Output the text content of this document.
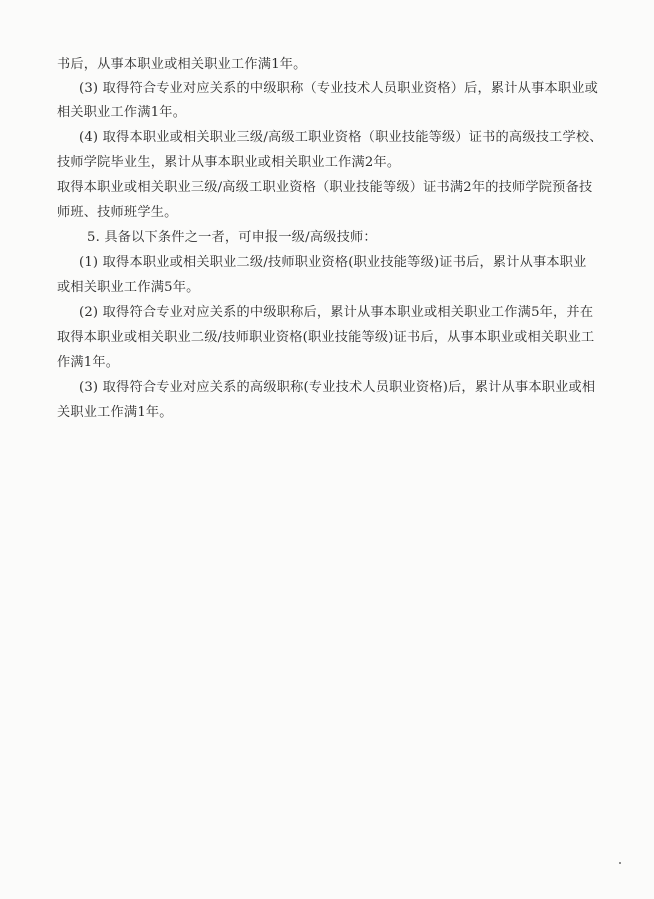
书后，从事本职业或相关职业工作满1年。
(3) 取得符合专业对应关系的中级职称（专业技术人员职业资格）后，累计从事本职业或
相关职业工作满1年。
(4) 取得本职业或相关职业三级/高级工职业资格（职业技能等级）证书的高级技工学校、
技师学院毕业生，累计从事本职业或相关职业工作满2年。
取得本职业或相关职业三级/高级工职业资格（职业技能等级）证书满2年的技师学院预备技
师班、技师班学生。
5. 具备以下条件之一者，可申报一级/高级技师：
(1) 取得本职业或相关职业二级/技师职业资格(职业技能等级)证书后，累计从事本职业
或相关职业工作满5年。
(2) 取得符合专业对应关系的中级职称后，累计从事本职业或相关职业工作满5年，并在
取得本职业或相关职业二级/技师职业资格(职业技能等级)证书后，从事本职业或相关职业工
作满1年。
(3) 取得符合专业对应关系的高级职称(专业技术人员职业资格)后，累计从事本职业或相
关职业工作满1年。
